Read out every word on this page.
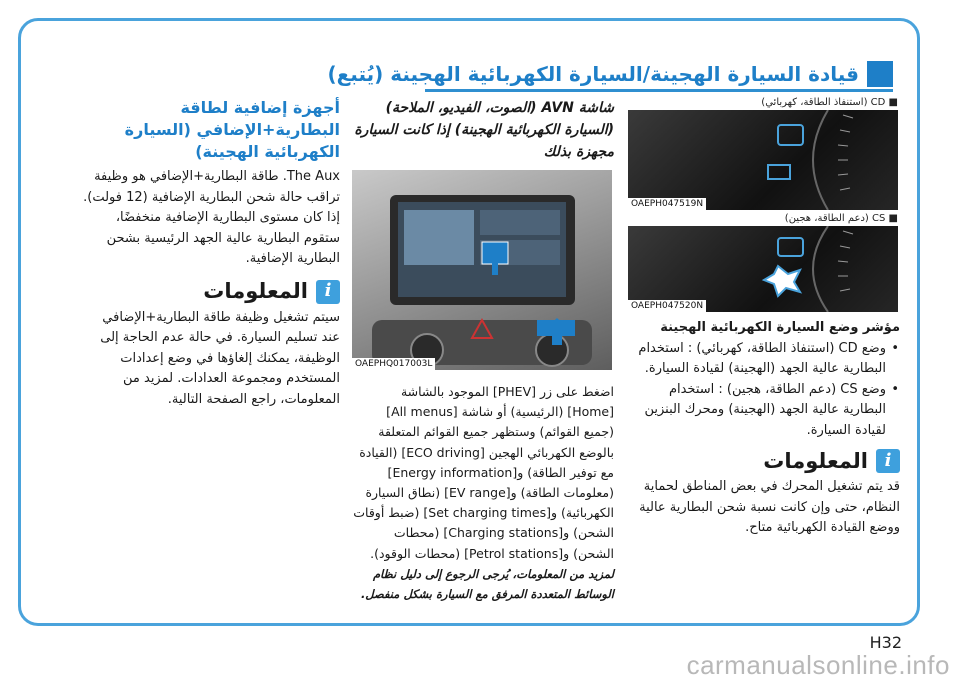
قيادة السيارة الهجينة/السيارة الكهربائية الهجينة (يُتبع)
■ CD (استنفاذ الطاقة، كهربائي)
OAEPH047519N
■ CS (دعم الطاقة، هجين)
OAEPH047520N
مؤشر وضع السيارة الكهربائية الهجينة
• وضع CD (استنفاذ الطاقة، كهربائي) : استخدام البطارية عالية الجهد (الهجينة) لقيادة السيارة.
• وضع CS (دعم الطاقة، هجين) : استخدام البطارية عالية الجهد (الهجينة) ومحرك البنزين لقيادة السيارة.
i
المعلومات

قد يتم تشغيل المحرك في بعض المناطق لحماية النظام، حتى وإن كانت نسبة شحن البطارية عالية ووضع القيادة الكهربائية متاح.

شاشة AVN (الصوت، الفيديو، الملاحة) (السيارة الكهربائية الهجينة) إذا كانت السيارة مجهزة بذلك

OAEPHQ017003L

اضغط على زر [PHEV] الموجود بالشاشة [Home] (الرئيسية) أو شاشة [All menus] (جميع القوائم) وستظهر جميع القوائم المتعلقة بالوضع الكهربائي الهجين [ECO driving] (القيادة مع توفير الطاقة) و[Energy information] (معلومات الطاقة) و[EV range] (نطاق السيارة الكهربائية) و[Set charging times] (ضبط أوقات الشحن) و[Charging stations] (محطات الشحن) و[Petrol stations] (محطات الوقود).

لمزيد من المعلومات، يُرجى الرجوع إلى دليل نظام الوسائط المتعددة المرفق مع السيارة بشكل منفصل.

أجهزة إضافية لطاقة البطارية+الإضافي (السيارة الكهربائية الهجينة)

The Aux. طاقة البطارية+الإضافي هو وظيفة تراقب حالة شحن البطارية الإضافية (12 فولت). إذا كان مستوى البطارية الإضافية منخفضًا، ستقوم البطارية عالية الجهد الرئيسية بشحن البطارية الإضافية.

i
المعلومات

سيتم تشغيل وظيفة طاقة البطارية+الإضافي عند تسليم السيارة. في حالة عدم الحاجة إلى الوظيفة، يمكنك إلغاؤها في وضع إعدادات المستخدم ومجموعة العدادات. لمزيد من المعلومات، راجع الصفحة التالية.

H32
carmanualsonline.info
